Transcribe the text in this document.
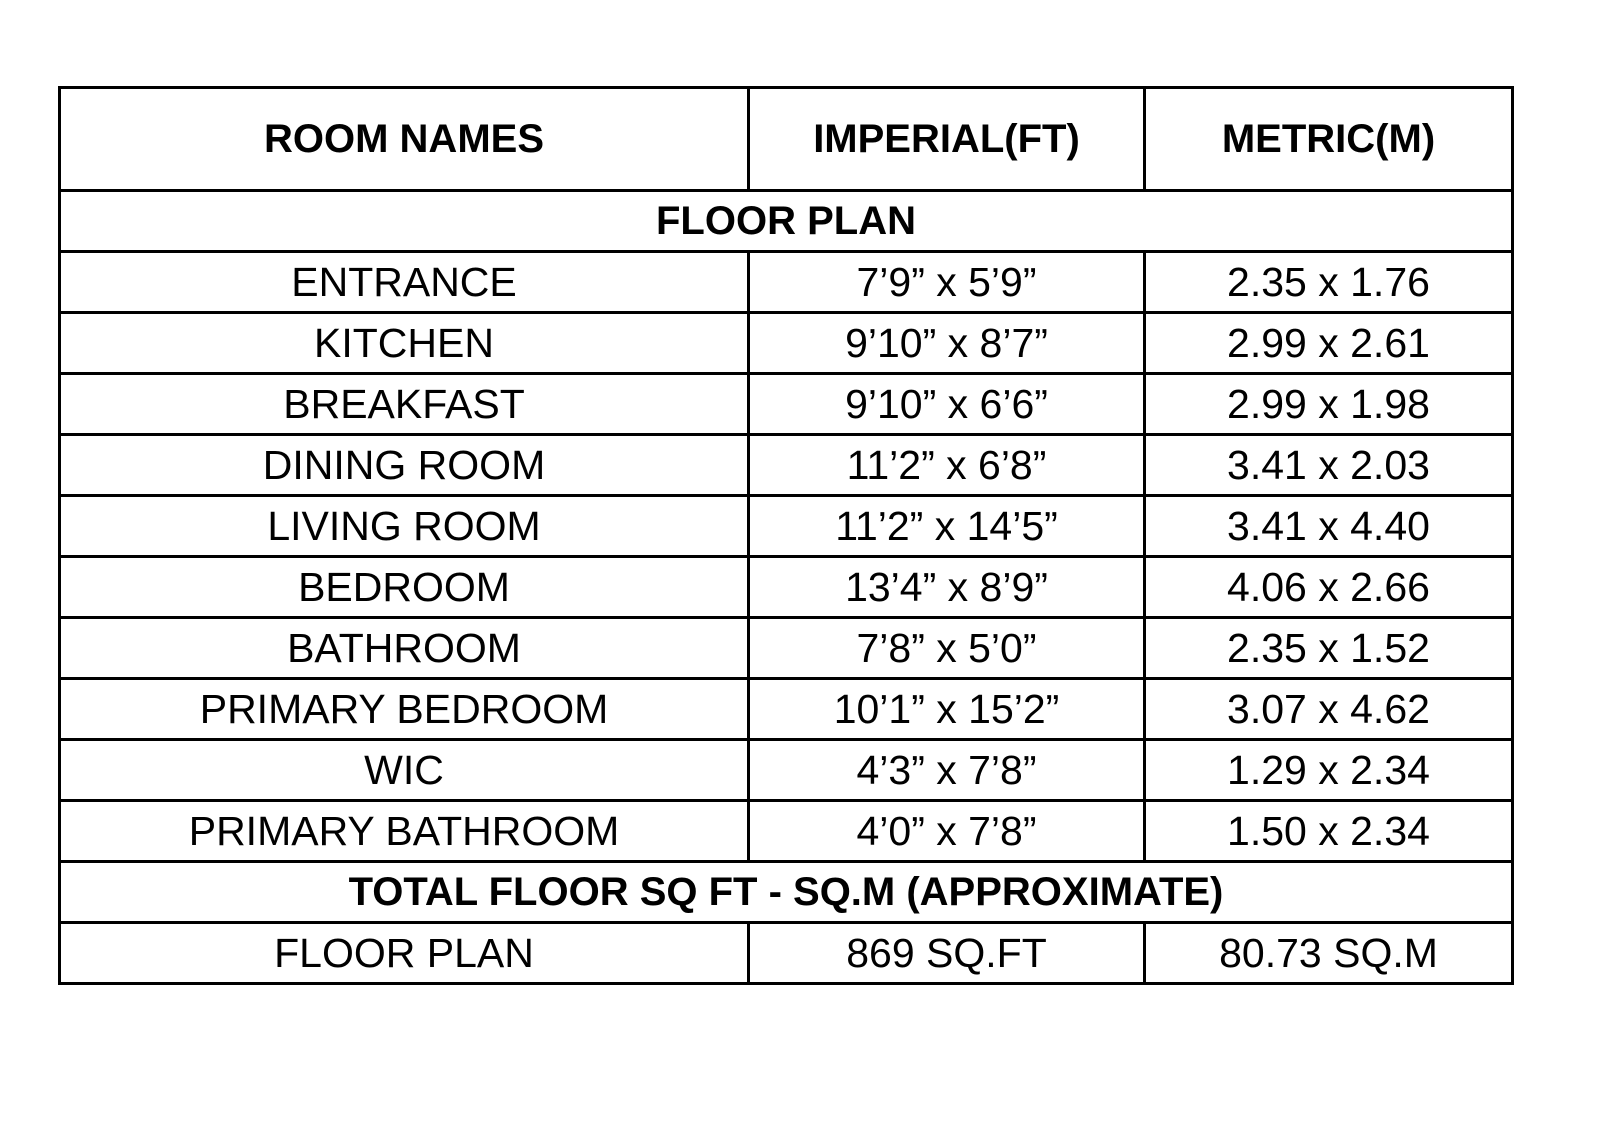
ROOM NAMES	IMPERIAL(FT)	METRIC(M)
FLOOR PLAN		
ENTRANCE	7’9” x 5’9”	2.35 x 1.76
KITCHEN	9’10” x 8’7”	2.99 x 2.61
BREAKFAST	9’10” x 6’6”	2.99 x 1.98
DINING ROOM	11’2” x 6’8”	3.41 x 2.03
LIVING ROOM	11’2” x 14’5”	3.41 x 4.40
BEDROOM	13’4” x 8’9”	4.06 x 2.66
BATHROOM	7’8” x 5’0”	2.35 x 1.52
PRIMARY BEDROOM	10’1” x 15’2”	3.07 x 4.62
WIC	4’3” x 7’8”	1.29 x 2.34
PRIMARY BATHROOM	4’0” x 7’8”	1.50 x 2.34
TOTAL FLOOR SQ FT - SQ.M (APPROXIMATE)		
FLOOR PLAN	869 SQ.FT	80.73 SQ.M
